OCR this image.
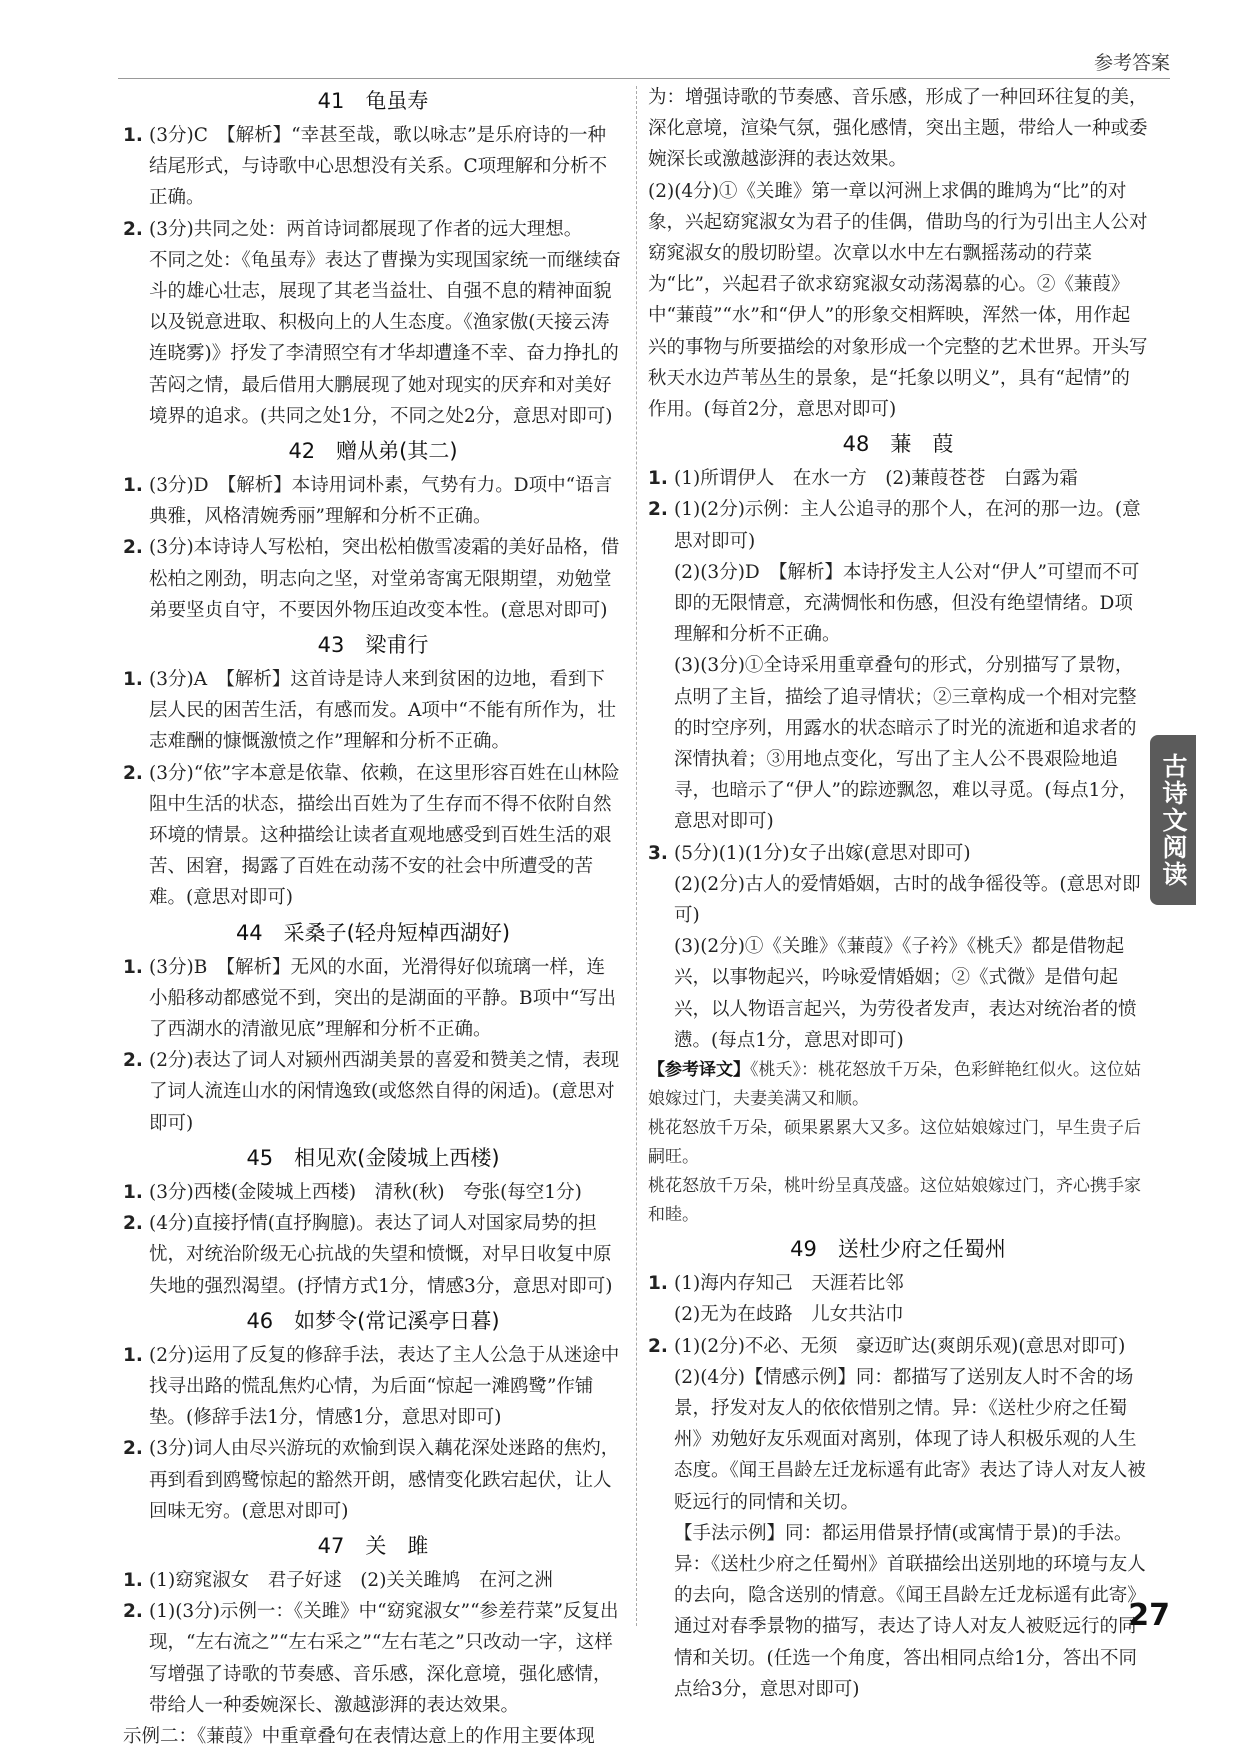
参考答案
41　龟虽寿
1. (3分)C　【解析】“幸甚至哉，歌以咏志”是乐府诗的一种结尾形式，与诗歌中心思想没有关系。C项理解和分析不正确。
2. (3分)共同之处：两首诗词都展现了作者的远大理想。
不同之处：《龟虽寿》表达了曹操为实现国家统一而继续奋斗的雄心壮志，展现了其老当益壮、自强不息的精神面貌以及锐意进取、积极向上的人生态度。《渔家傲(天接云涛连晓雾)》抒发了李清照空有才华却遭逢不幸、奋力挣扎的苦闷之情，最后借用大鹏展现了她对现实的厌弃和对美好境界的追求。(共同之处1分，不同之处2分，意思对即可)
42　赠从弟(其二)
1. (3分)D　【解析】本诗用词朴素，气势有力。D项中“语言典雅，风格清婉秀丽”理解和分析不正确。
2. (3分)本诗诗人写松柏，突出松柏傲雪凌霜的美好品格，借松柏之刚劲，明志向之坚，对堂弟寄寓无限期望，劝勉堂弟要坚贞自守，不要因外物压迫改变本性。(意思对即可)
43　梁甫行
1. (3分)A　【解析】这首诗是诗人来到贫困的边地，看到下层人民的困苦生活，有感而发。A项中“不能有所作为，壮志难酬的慷慨激愤之作”理解和分析不正确。
2. (3分)“依”字本意是依靠、依赖，在这里形容百姓在山林险阻中生活的状态，描绘出百姓为了生存而不得不依附自然环境的情景。这种描绘让读者直观地感受到百姓生活的艰苦、困窘，揭露了百姓在动荡不安的社会中所遭受的苦难。(意思对即可)
44　采桑子(轻舟短棹西湖好)
1. (3分)B　【解析】无风的水面，光滑得好似琉璃一样，连小船移动都感觉不到，突出的是湖面的平静。B项中“写出了西湖水的清澈见底”理解和分析不正确。
2. (2分)表达了词人对颍州西湖美景的喜爱和赞美之情，表现了词人流连山水的闲情逸致(或悠然自得的闲适)。(意思对即可)
45　相见欢(金陵城上西楼)
1. (3分)西楼(金陵城上西楼)　清秋(秋)　夸张(每空1分)
2. (4分)直接抒情(直抒胸臆)。表达了词人对国家局势的担忧，对统治阶级无心抗战的失望和愤慨，对早日收复中原失地的强烈渴望。(抒情方式1分，情感3分，意思对即可)
46　如梦令(常记溪亭日暮)
1. (2分)运用了反复的修辞手法，表达了主人公急于从迷途中找寻出路的慌乱焦灼心情，为后面“惊起一滩鸥鹭”作铺垫。(修辞手法1分，情感1分，意思对即可)
2. (3分)词人由尽兴游玩的欢愉到误入藕花深处迷路的焦灼，再到看到鸥鹭惊起的豁然开朗，感情变化跌宕起伏，让人回味无穷。(意思对即可)
47　关　雎
1. (1)窈窕淑女　君子好逑　(2)关关雎鸠　在河之洲
2. (1)(3分)示例一：《关雎》中“窈窕淑女”“参差荇菜”反复出现，“左右流之”“左右采之”“左右芼之”只改动一字，这样写增强了诗歌的节奏感、音乐感，深化意境，强化感情，带给人一种委婉深长、激越澎湃的表达效果。
示例二：《蒹葭》中重章叠句在表情达意上的作用主要体现
为：增强诗歌的节奏感、音乐感，形成了一种回环往复的美，深化意境，渲染气氛，强化感情，突出主题，带给人一种或委婉深长或激越澎湃的表达效果。
(2)(4分)①《关雎》第一章以河洲上求偶的雎鸠为“比”的对象，兴起窈窕淑女为君子的佳偶，借助鸟的行为引出主人公对窈窕淑女的殷切盼望。次章以水中左右飘摇荡动的荇菜为“比”，兴起君子欲求窈窕淑女动荡渴慕的心。②《蒹葭》中“蒹葭”“水”和“伊人”的形象交相辉映，浑然一体，用作起兴的事物与所要描绘的对象形成一个完整的艺术世界。开头写秋天水边芦苇丛生的景象，是“托象以明义”，具有“起情”的作用。(每首2分，意思对即可)
48　蒹　葭
1. (1)所谓伊人　在水一方　(2)蒹葭苍苍　白露为霜
2. (1)(2分)示例：主人公追寻的那个人，在河的那一边。(意思对即可)
(2)(3分)D　【解析】本诗抒发主人公对“伊人”可望而不可即的无限情意，充满惆怅和伤感，但没有绝望情绪。D项理解和分析不正确。
(3)(3分)①全诗采用重章叠句的形式，分别描写了景物，点明了主旨，描绘了追寻情状；②三章构成一个相对完整的时空序列，用露水的状态暗示了时光的流逝和追求者的深情执着；③用地点变化，写出了主人公不畏艰险地追寻，也暗示了“伊人”的踪迹飘忽，难以寻觅。(每点1分，意思对即可)
3. (5分)(1)(1分)女子出嫁(意思对即可)
(2)(2分)古人的爱情婚姻，古时的战争徭役等。(意思对即可)
(3)(2分)①《关雎》《蒹葭》《子衿》《桃夭》都是借物起兴，以事物起兴，吟咏爱情婚姻；②《式微》是借句起兴，以人物语言起兴，为劳役者发声，表达对统治者的愤懑。(每点1分，意思对即可)
【参考译文】《桃夭》：桃花怒放千万朵，色彩鲜艳红似火。这位姑娘嫁过门，夫妻美满又和顺。
桃花怒放千万朵，硕果累累大又多。这位姑娘嫁过门，早生贵子后嗣旺。
桃花怒放千万朵，桃叶纷呈真茂盛。这位姑娘嫁过门，齐心携手家和睦。
49　送杜少府之任蜀州
1. (1)海内存知己　天涯若比邻
(2)无为在歧路　儿女共沾巾
2. (1)(2分)不必、无须　豪迈旷达(爽朗乐观)(意思对即可)
(2)(4分)【情感示例】同：都描写了送别友人时不舍的场景，抒发对友人的依依惜别之情。异：《送杜少府之任蜀州》劝勉好友乐观面对离别，体现了诗人积极乐观的人生态度。《闻王昌龄左迁龙标遥有此寄》表达了诗人对友人被贬远行的同情和关切。
【手法示例】同：都运用借景抒情(或寓情于景)的手法。异：《送杜少府之任蜀州》首联描绘出送别地的环境与友人的去向，隐含送别的情意。《闻王昌龄左迁龙标遥有此寄》通过对春季景物的描写，表达了诗人对友人被贬远行的同情和关切。(任选一个角度，答出相同点给1分，答出不同点给3分，意思对即可)
古诗文阅读
27
